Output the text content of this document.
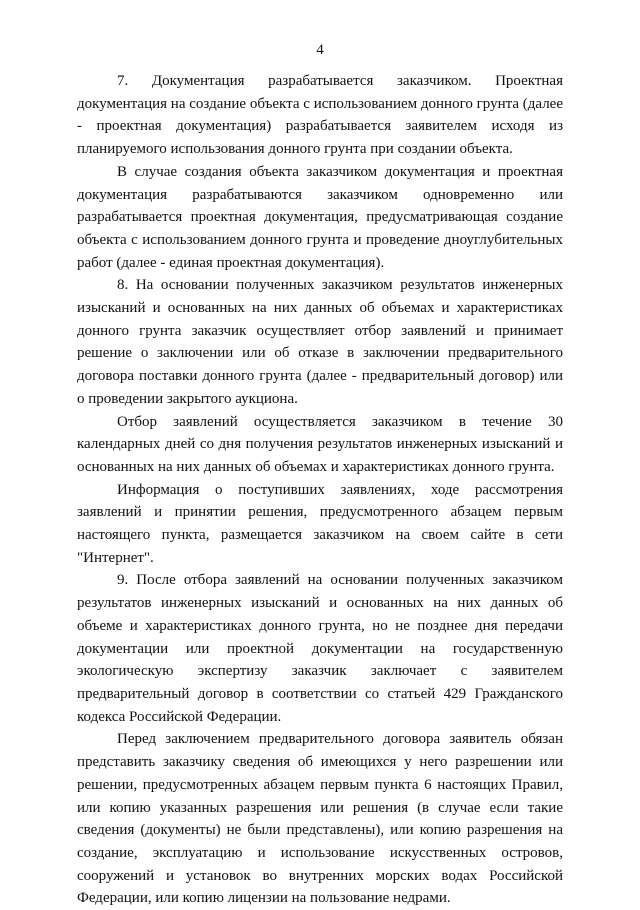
4

7. Документация разрабатывается заказчиком. Проектная документация на создание объекта с использованием донного грунта (далее - проектная документация) разрабатывается заявителем исходя из планируемого использования донного грунта при создании объекта.

В случае создания объекта заказчиком документация и проектная документация разрабатываются заказчиком одновременно или разрабатывается проектная документация, предусматривающая создание объекта с использованием донного грунта и проведение дноуглубительных работ (далее - единая проектная документация).

8. На основании полученных заказчиком результатов инженерных изысканий и основанных на них данных об объемах и характеристиках донного грунта заказчик осуществляет отбор заявлений и принимает решение о заключении или об отказе в заключении предварительного договора поставки донного грунта (далее - предварительный договор) или о проведении закрытого аукциона.

Отбор заявлений осуществляется заказчиком в течение 30 календарных дней со дня получения результатов инженерных изысканий и основанных на них данных об объемах и характеристиках донного грунта.

Информация о поступивших заявлениях, ходе рассмотрения заявлений и принятии решения, предусмотренного абзацем первым настоящего пункта, размещается заказчиком на своем сайте в сети "Интернет".

9. После отбора заявлений на основании полученных заказчиком результатов инженерных изысканий и основанных на них данных об объеме и характеристиках донного грунта, но не позднее дня передачи документации или проектной документации на государственную экологическую экспертизу заказчик заключает с заявителем предварительный договор в соответствии со статьей 429 Гражданского кодекса Российской Федерации.

Перед заключением предварительного договора заявитель обязан представить заказчику сведения об имеющихся у него разрешении или решении, предусмотренных абзацем первым пункта 6 настоящих Правил, или копию указанных разрешения или решения (в случае если такие сведения (документы) не были представлены), или копию разрешения на создание, эксплуатацию и использование искусственных островов, сооружений и установок во внутренних морских водах Российской Федерации, или копию лицензии на пользование недрами.
